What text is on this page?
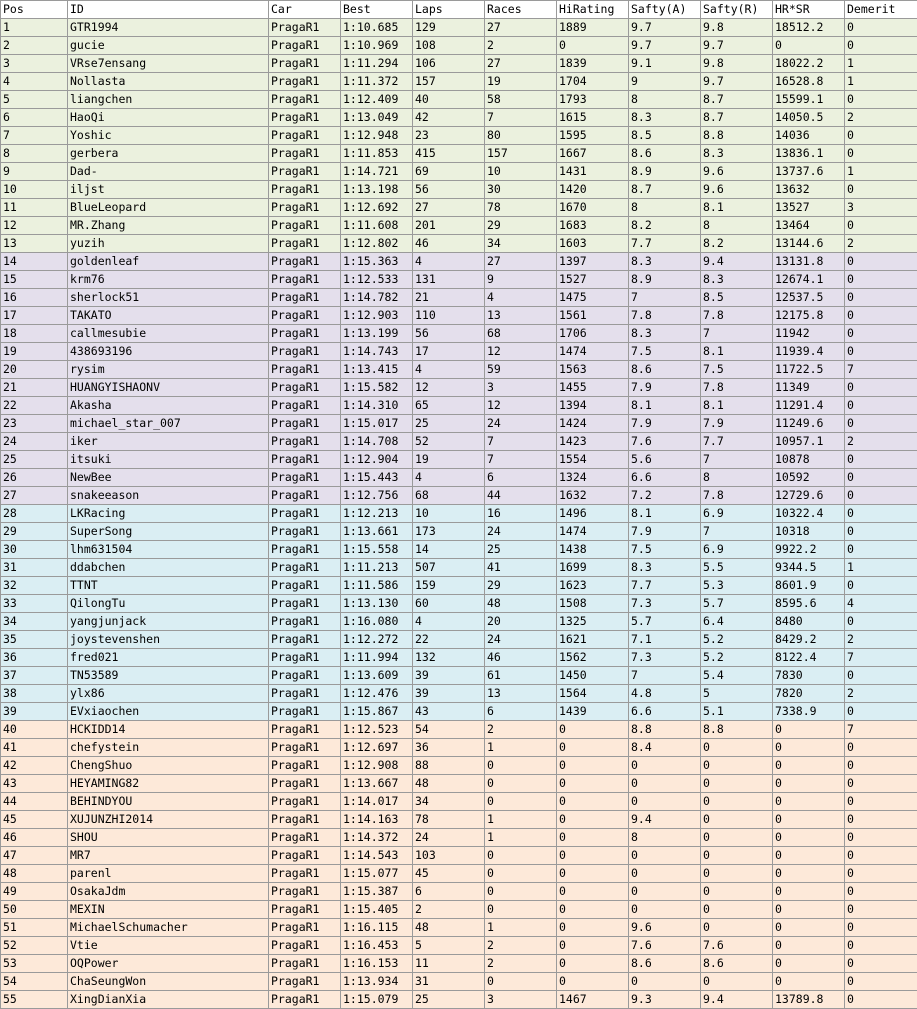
Pos	ID	Car	Best	Laps	Races	HiRating	Safty(A)	Safty(R)	HR*SR	Demerit
1	GTR1994	PragaR1	1:10.685	129	27	1889	9.7	9.8	18512.2	0
2	gucie	PragaR1	1:10.969	108	2	0	9.7	9.7	0	0
3	VRse7ensang	PragaR1	1:11.294	106	27	1839	9.1	9.8	18022.2	1
4	Nollasta	PragaR1	1:11.372	157	19	1704	9	9.7	16528.8	1
5	liangchen	PragaR1	1:12.409	40	58	1793	8	8.7	15599.1	0
6	HaoQi	PragaR1	1:13.049	42	7	1615	8.3	8.7	14050.5	2
7	Yoshic	PragaR1	1:12.948	23	80	1595	8.5	8.8	14036	0
8	gerbera	PragaR1	1:11.853	415	157	1667	8.6	8.3	13836.1	0
9	Dad-	PragaR1	1:14.721	69	10	1431	8.9	9.6	13737.6	1
10	iljst	PragaR1	1:13.198	56	30	1420	8.7	9.6	13632	0
11	BlueLeopard	PragaR1	1:12.692	27	78	1670	8	8.1	13527	3
12	MR.Zhang	PragaR1	1:11.608	201	29	1683	8.2	8	13464	0
13	yuzih	PragaR1	1:12.802	46	34	1603	7.7	8.2	13144.6	2
14	goldenleaf	PragaR1	1:15.363	4	27	1397	8.3	9.4	13131.8	0
15	krm76	PragaR1	1:12.533	131	9	1527	8.9	8.3	12674.1	0
16	sherlock51	PragaR1	1:14.782	21	4	1475	7	8.5	12537.5	0
17	TAKATO	PragaR1	1:12.903	110	13	1561	7.8	7.8	12175.8	0
18	callmesubie	PragaR1	1:13.199	56	68	1706	8.3	7	11942	0
19	438693196	PragaR1	1:14.743	17	12	1474	7.5	8.1	11939.4	0
20	rysim	PragaR1	1:13.415	4	59	1563	8.6	7.5	11722.5	7
21	HUANGYISHAONV	PragaR1	1:15.582	12	3	1455	7.9	7.8	11349	0
22	Akasha	PragaR1	1:14.310	65	12	1394	8.1	8.1	11291.4	0
23	michael_star_007	PragaR1	1:15.017	25	24	1424	7.9	7.9	11249.6	0
24	iker	PragaR1	1:14.708	52	7	1423	7.6	7.7	10957.1	2
25	itsuki	PragaR1	1:12.904	19	7	1554	5.6	7	10878	0
26	NewBee	PragaR1	1:15.443	4	6	1324	6.6	8	10592	0
27	snakeeason	PragaR1	1:12.756	68	44	1632	7.2	7.8	12729.6	0
28	LKRacing	PragaR1	1:12.213	10	16	1496	8.1	6.9	10322.4	0
29	SuperSong	PragaR1	1:13.661	173	24	1474	7.9	7	10318	0
30	lhm631504	PragaR1	1:15.558	14	25	1438	7.5	6.9	9922.2	0
31	ddabchen	PragaR1	1:11.213	507	41	1699	8.3	5.5	9344.5	1
32	TTNT	PragaR1	1:11.586	159	29	1623	7.7	5.3	8601.9	0
33	QilongTu	PragaR1	1:13.130	60	48	1508	7.3	5.7	8595.6	4
34	yangjunjack	PragaR1	1:16.080	4	20	1325	5.7	6.4	8480	0
35	joystevenshen	PragaR1	1:12.272	22	24	1621	7.1	5.2	8429.2	2
36	fred021	PragaR1	1:11.994	132	46	1562	7.3	5.2	8122.4	7
37	TN53589	PragaR1	1:13.609	39	61	1450	7	5.4	7830	0
38	ylx86	PragaR1	1:12.476	39	13	1564	4.8	5	7820	2
39	EVxiaochen	PragaR1	1:15.867	43	6	1439	6.6	5.1	7338.9	0
40	HCKIDD14	PragaR1	1:12.523	54	2	0	8.8	8.8	0	7
41	chefystein	PragaR1	1:12.697	36	1	0	8.4	0	0	0
42	ChengShuo	PragaR1	1:12.908	88	0	0	0	0	0	0
43	HEYAMING82	PragaR1	1:13.667	48	0	0	0	0	0	0
44	BEHINDYOU	PragaR1	1:14.017	34	0	0	0	0	0	0
45	XUJUNZHI2014	PragaR1	1:14.163	78	1	0	9.4	0	0	0
46	SHOU	PragaR1	1:14.372	24	1	0	8	0	0	0
47	MR7	PragaR1	1:14.543	103	0	0	0	0	0	0
48	parenl	PragaR1	1:15.077	45	0	0	0	0	0	0
49	OsakaJdm	PragaR1	1:15.387	6	0	0	0	0	0	0
50	MEXIN	PragaR1	1:15.405	2	0	0	0	0	0	0
51	MichaelSchumacher	PragaR1	1:16.115	48	1	0	9.6	0	0	0
52	Vtie	PragaR1	1:16.453	5	2	0	7.6	7.6	0	0
53	OQPower	PragaR1	1:16.153	11	2	0	8.6	8.6	0	0
54	ChaSeungWon	PragaR1	1:13.934	31	0	0	0	0	0	0
55	XingDianXia	PragaR1	1:15.079	25	3	1467	9.3	9.4	13789.8	0
